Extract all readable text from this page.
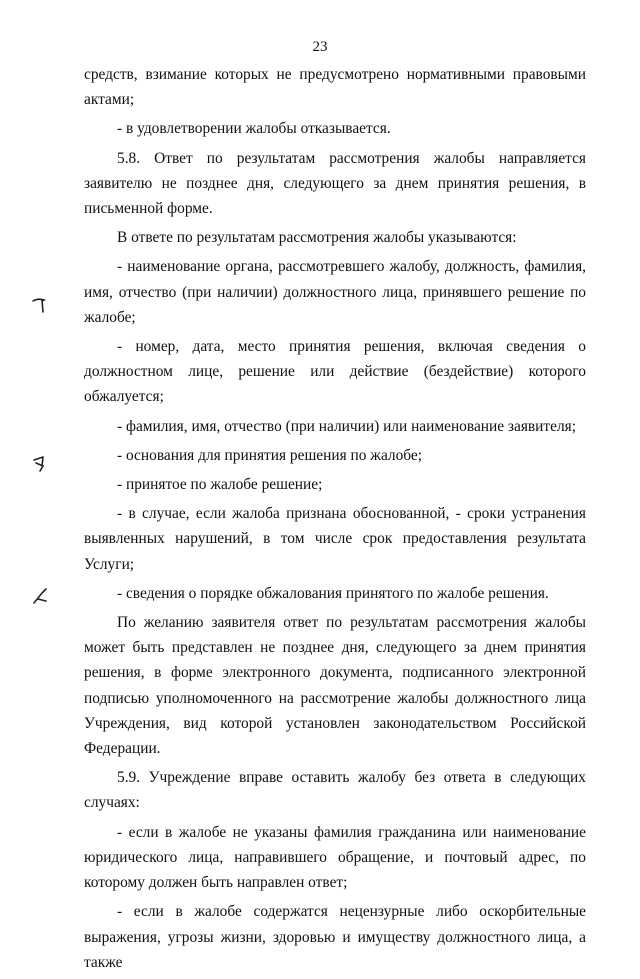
23

средств, взимание которых не предусмотрено нормативными правовыми актами;

- в удовлетворении жалобы отказывается.

5.8. Ответ по результатам рассмотрения жалобы направляется заявителю не позднее дня, следующего за днем принятия решения, в письменной форме.

В ответе по результатам рассмотрения жалобы указываются:

- наименование органа, рассмотревшего жалобу, должность, фамилия, имя, отчество (при наличии) должностного лица, принявшего решение по жалобе;

- номер, дата, место принятия решения, включая сведения о должностном лице, решение или действие (бездействие) которого обжалуется;

- фамилия, имя, отчество (при наличии) или наименование заявителя;

- основания для принятия решения по жалобе;

- принятое по жалобе решение;

- в случае, если жалоба признана обоснованной, - сроки устранения выявленных нарушений, в том числе срок предоставления результата Услуги;

- сведения о порядке обжалования принятого по жалобе решения.

По желанию заявителя ответ по результатам рассмотрения жалобы может быть представлен не позднее дня, следующего за днем принятия решения, в форме электронного документа, подписанного электронной подписью уполномоченного на рассмотрение жалобы должностного лица Учреждения, вид которой установлен законодательством Российской Федерации.

5.9. Учреждение вправе оставить жалобу без ответа в следующих случаях:

- если в жалобе не указаны фамилия гражданина или наименование юридического лица, направившего обращение, и почтовый адрес, по которому должен быть направлен ответ;

- если в жалобе содержатся нецензурные либо оскорбительные выражения, угрозы жизни, здоровью и имуществу должностного лица, а также
